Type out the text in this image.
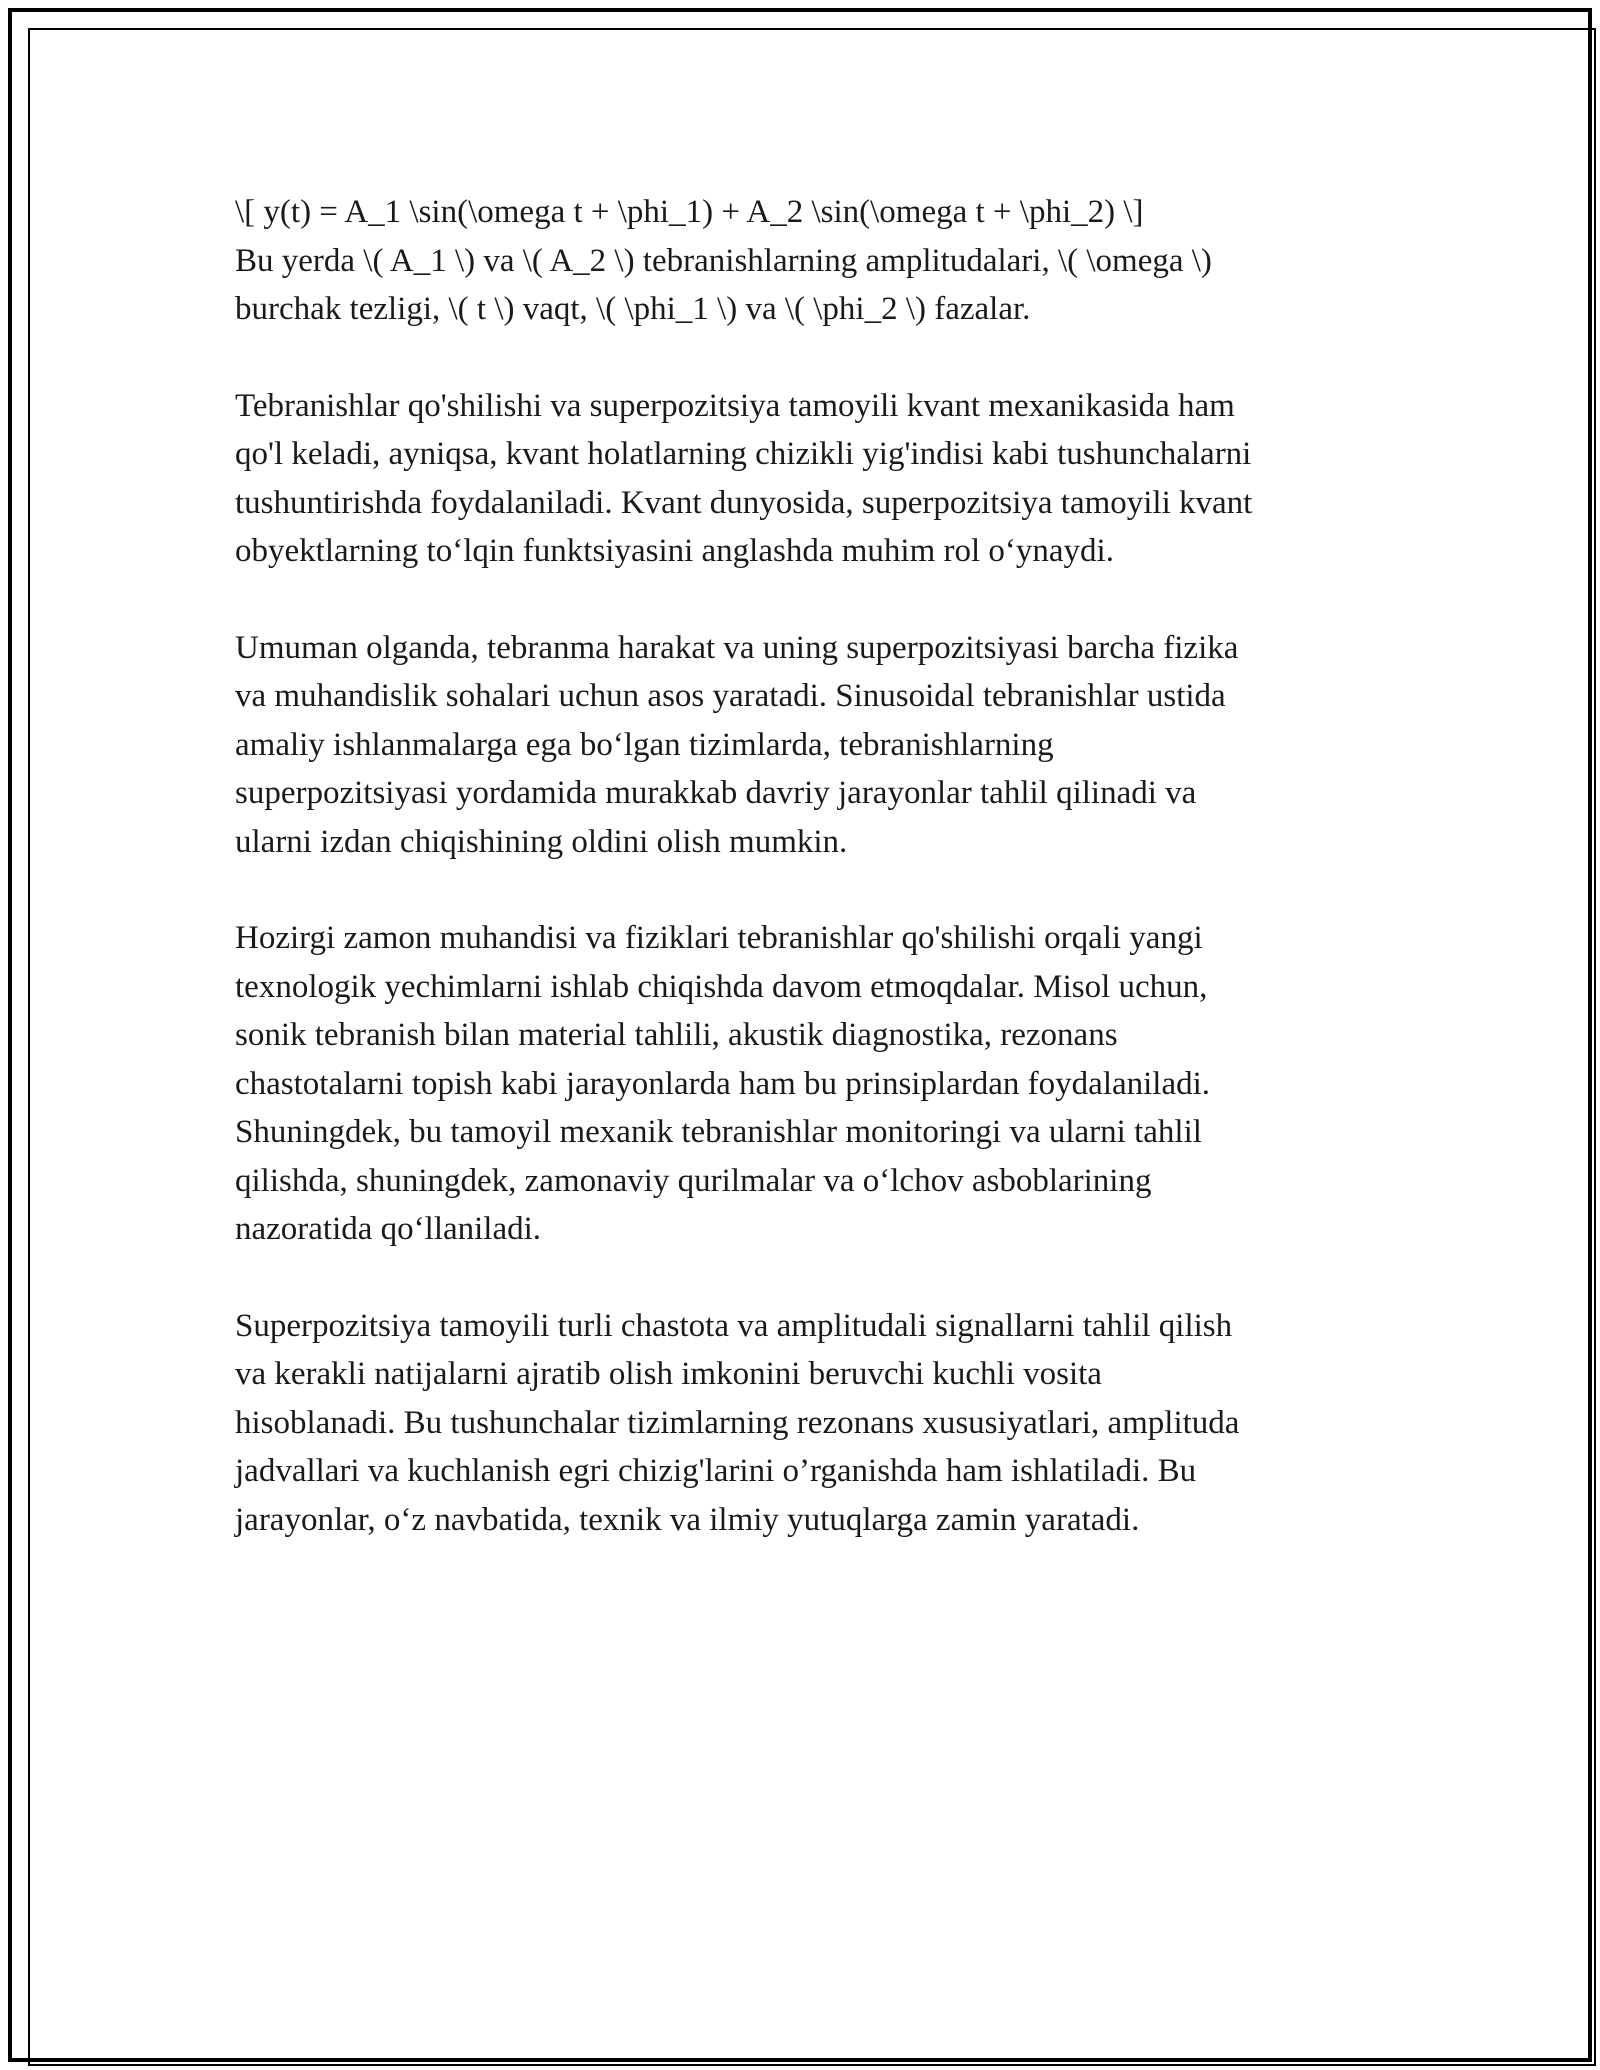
\[ y(t) = A_1 \sin(\omega t + \phi_1) + A_2 \sin(\omega t + \phi_2) \]
Bu yerda \( A_1 \) va \( A_2 \) tebranishlarning amplitudalari, \( \omega \)
burchak tezligi, \( t \) vaqt, \( \phi_1 \) va \( \phi_2 \) fazalar.

Tebranishlar qo'shilishi va superpozitsiya tamoyili kvant mexanikasida ham
qo'l keladi, ayniqsa, kvant holatlarning chizikli yig'indisi kabi tushunchalarni
tushuntirishda foydalaniladi. Kvant dunyosida, superpozitsiya tamoyili kvant
obyektlarning to‘lqin funktsiyasini anglashda muhim rol o‘ynaydi.

Umuman olganda, tebranma harakat va uning superpozitsiyasi barcha fizika
va muhandislik sohalari uchun asos yaratadi. Sinusoidal tebranishlar ustida
amaliy ishlanmalarga ega bo‘lgan tizimlarda, tebranishlarning
superpozitsiyasi yordamida murakkab davriy jarayonlar tahlil qilinadi va
ularni izdan chiqishining oldini olish mumkin.

Hozirgi zamon muhandisi va fiziklari tebranishlar qo'shilishi orqali yangi
texnologik yechimlarni ishlab chiqishda davom etmoqdalar. Misol uchun,
sonik tebranish bilan material tahlili, akustik diagnostika, rezonans
chastotalarni topish kabi jarayonlarda ham bu prinsiplardan foydalaniladi.
Shuningdek, bu tamoyil mexanik tebranishlar monitoringi va ularni tahlil
qilishda, shuningdek, zamonaviy qurilmalar va o‘lchov asboblarining
nazoratida qo‘llaniladi.

Superpozitsiya tamoyili turli chastota va amplitudali signallarni tahlil qilish
va kerakli natijalarni ajratib olish imkonini beruvchi kuchli vosita
hisoblanadi. Bu tushunchalar tizimlarning rezonans xususiyatlari, amplituda
jadvallari va kuchlanish egri chizig'larini o’rganishda ham ishlatiladi. Bu
jarayonlar, o‘z navbatida, texnik va ilmiy yutuqlarga zamin yaratadi.
